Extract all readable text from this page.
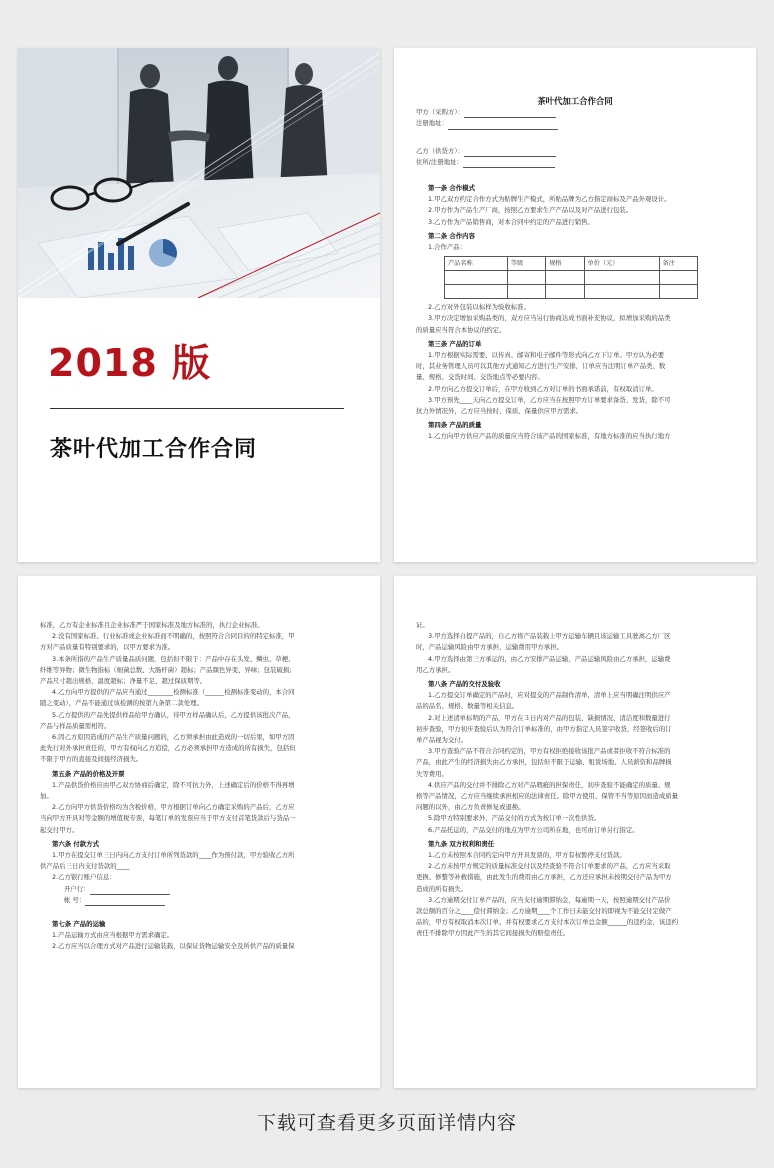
2018 版
茶叶代加工合作合同

茶叶代加工合作合同

甲方（采购方）：

注册地址：

乙方（供货方）：

住所/注册地址：

第一条 合作模式

1.甲乙双方约定合作方式为贴牌生产模式，所贴品牌为乙方指定商标及产品外观设计。

2.甲方作为产品生产厂商，按照乙方要求生产产品以及对产品进行包装。

3.乙方作为产品销售商，对本合同中约定的产品进行销售。

第二条 合作内容

1.合作产品：

产品名称	等级	规格	单价（元）	备注

2.乙方对外包装以标样为验收标准。

3.甲方决定增加采购品类的，双方应当另行协商达成书面补充协议，拟增加采购的品类

的质量应当符合本协议的约定。

第三条 产品的订单

1.甲方根据实际需要，以传真、邮寄和电子邮件等形式向乙方下订单。甲方认为必要

时，其业务管理人员可以其他方式通知乙方进行生产安排，订单应当注明订单产品类、数

量、规格、交货时间、交货地点等必要内容。

2.甲方向乙方提交订单后，在甲方收到乙方对订单的书面承诺前，有权取消订单。

3.甲方预先____天向乙方提交订单，乙方应当在按照甲方订单要求备货、发货，除不可

抗力外情况外，乙方应当按时、保质、保量供应甲方需求。

第四条 产品的质量

1.乙方向甲方供应产品的质量应当符合该产品的国家标准，有地方标准的应当执行地方

标准，乙方有企业标准且企业标准严于国家标准及地方标准的，执行企业标准。

2.没有国家标准、行业标准或企业标准而不明确的，按照符合合同目的的特定标准，甲

方对产品质量有特别要求的，以甲方要求为准。

3.本条所指的产品生产质量品质问题，包括但不限于：产品中存在头发、鳞虫、草梗、

纤维等异物；微生物指标（细菌总数、大肠杆菌）超标；产品颜色异变、异味；包装破损；

产品尺寸超出规格、温度超标；净量不足、超过保质期等。

4.乙方向甲方提供的产品应当通过________检测标准（______检测标准变动的，本合同

随之变动），产品不能通过该检测的按第九条第二款处理。

5.乙方提供的产品先提供样品给甲方确认，待甲方样品确认后，乙方提供该批次产品，

产品与样品质量需相符。

6.因乙方原因造成的产品生产质量问题的，乙方须承担由此造成的一切后果，如甲方因

此先行对外承担责任的，甲方有权向乙方追偿，乙方必须承担甲方造成的所有损失，包括但

不限于甲方的直接及间接经济损失。

第五条 产品的价格及开票

1.产品供货价格应由甲乙双方协商后确定，除不可抗力外，上述确定后的价格不得再增

加。

2.乙方向甲方供货价格均为含税价格，甲方根据订单向乙方确定采购的产品后，乙方应

当向甲方开具对等金额的增值税专票，每笔订单的发票应当于甲方支付首笔货款后与货品一

起交付甲方。

第六条 付款方式

1.甲方在提交订单三日内向乙方支付订单所列货款的____作为预付款，甲方验收乙方所

供产品后三日内支付货款的____

2.乙方银行账户信息：

开户行：

帐 号：

第七条 产品的运输

1.产品运输方式由应当根据甲方需求确定。

2.乙方应当以合理方式对产品进行运输装载，以保证货物运输安全及所供产品的质量保

证。

3.甲方选择自提产品的，自乙方将产品装载上甲方运输车辆且该运输工具驶离乙方厂区

时，产品运输风险由甲方承担，运输费用甲方承担。

4.甲方选择由第三方承运的，由乙方安排产品运输，产品运输风险由乙方承担，运输费

用乙方承担。

第八条 产品的交付及验收

1.乙方提交订单确定的产品时，应对提交的产品制作清单，清单上应当明确注明供应产

品的品名、规格、数量等相关信息。

2.对上述清单标明的产品，甲方在３日内对产品的包装、缺损情况、清洁度和数量进行

初步查验，甲方初步查验后认为符合订单标准的，由甲方指定人员签字收货，经签收后的订

单产品视为交付。

3.甲方查验产品不符合合同约定的，甲方有权拒绝接收该批产品或者拒收不符合标准的

产品，由此产生的经济损失由乙方承担，包括但不限于运输、租赁场地、人员薪资和品牌损

失等费用。

4.供应产品的交付并不排除乙方对产品瑕疵的担保责任，初步查验不能确定的质量、规

格等产品情况，乙方应当继续承担相应的法律责任。除甲方使用、保管不当等原因而造成质量

问题的以外，由乙方负责修复或退换。

5.除甲方特别要求外，产品交付的方式为按订单一次性供货。

6.产品托运的，产品交付的地点为甲方公司所在地，也可由订单另行指定。

第九条 双方权利和责任

1.乙方未按照本合同约定向甲方开具发票的，甲方有权暂停支付货款。

2.乙方未按甲方规定的质量标准交付以及经查验不符合订单要求的产品，乙方应当采取

更换、修整等补救措施，由此发生的费用由乙方承担，乙方还应承担未按期交付产品为甲方

造成的所有损失。

3.乙方逾期交付订单产品的，应当支付逾期滞纳金，每逾期一天，按照逾期交付产品价

款总额的百分之____偿付滞纳金；乙方逾期____个工作日未能交付的即视为不能交付定做产

品的，甲方有权取消本次订单，并有权要求乙方支付本次订单总金额______的违约金，该违约

责任不排除甲方因此产生的其它间接损失的赔偿责任。

下载可查看更多页面详情内容
